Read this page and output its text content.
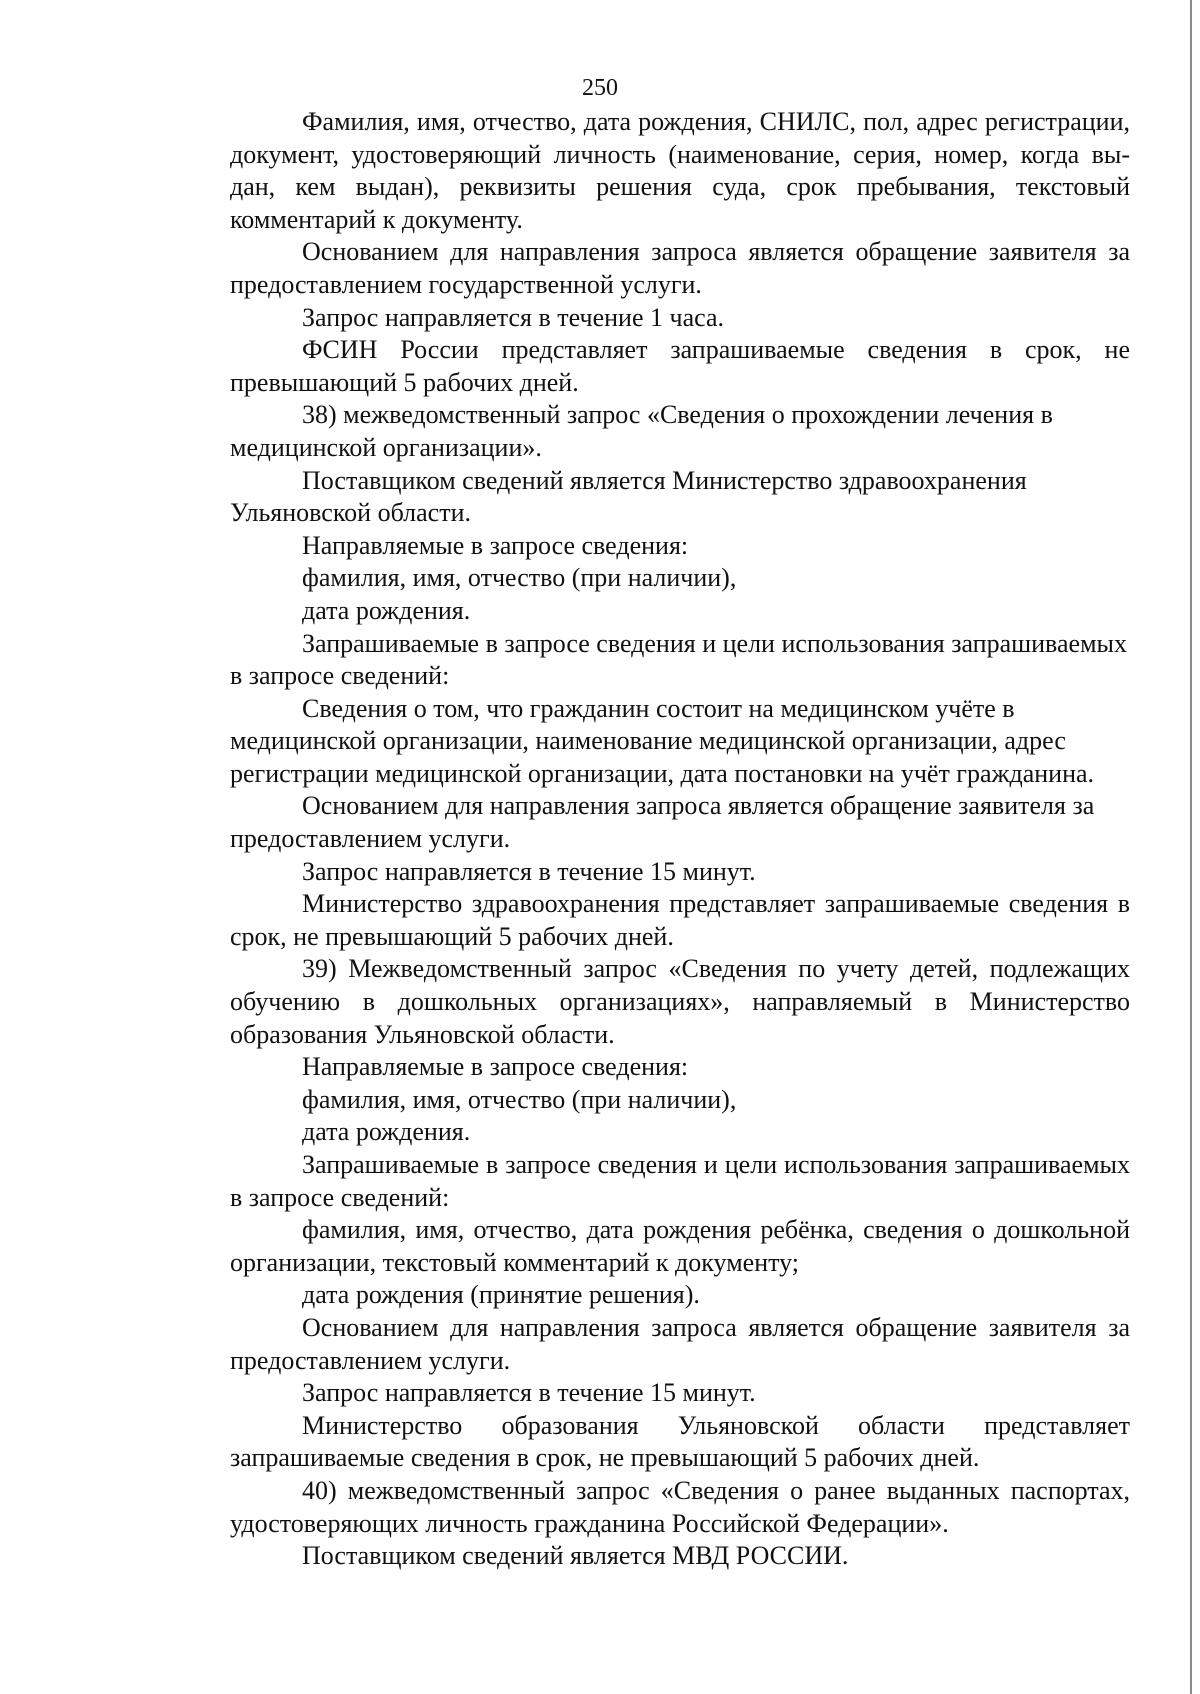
250

Фамилия, имя, отчество, дата рождения, СНИЛС, пол, адрес регистрации, документ, удостоверяющий личность (наименование, серия, номер, когда вы-дан, кем выдан), реквизиты решения суда, срок пребывания, текстовый комментарий к документу.

Основанием для направления запроса является обращение заявителя за предоставлением государственной услуги.

Запрос направляется в течение 1 часа.

ФСИН России представляет запрашиваемые сведения в срок, не превышающий 5 рабочих дней.

38) межведомственный запрос «Сведения о прохождении лечения в медицинской организации».

Поставщиком сведений является Министерство здравоохранения Ульяновской области.

Направляемые в запросе сведения:

фамилия, имя, отчество (при наличии),

дата рождения.

Запрашиваемые в запросе сведения и цели использования запрашиваемых в запросе сведений:

Сведения о том, что гражданин состоит на медицинском учёте в медицинской организации, наименование медицинской организации, адрес регистрации медицинской организации, дата постановки на учёт гражданина.

Основанием для направления запроса является обращение заявителя за предоставлением услуги.

Запрос направляется в течение 15 минут.

Министерство здравоохранения представляет запрашиваемые сведения в срок, не превышающий 5 рабочих дней.

39) Межведомственный запрос «Сведения по учету детей, подлежащих обучению в дошкольных организациях», направляемый в Министерство образования Ульяновской области.

Направляемые в запросе сведения:

фамилия, имя, отчество (при наличии),

дата рождения.

Запрашиваемые в запросе сведения и цели использования запрашиваемых в запросе сведений:

фамилия, имя, отчество, дата рождения ребёнка, сведения о дошкольной организации, текстовый комментарий к документу;

дата рождения (принятие решения).

Основанием для направления запроса является обращение заявителя за предоставлением услуги.

Запрос направляется в течение 15 минут.

Министерство образования Ульяновской области представляет запрашиваемые сведения в срок, не превышающий 5 рабочих дней.

40) межведомственный запрос «Сведения о ранее выданных паспортах, удостоверяющих личность гражданина Российской Федерации».

Поставщиком сведений является МВД РОССИИ.
